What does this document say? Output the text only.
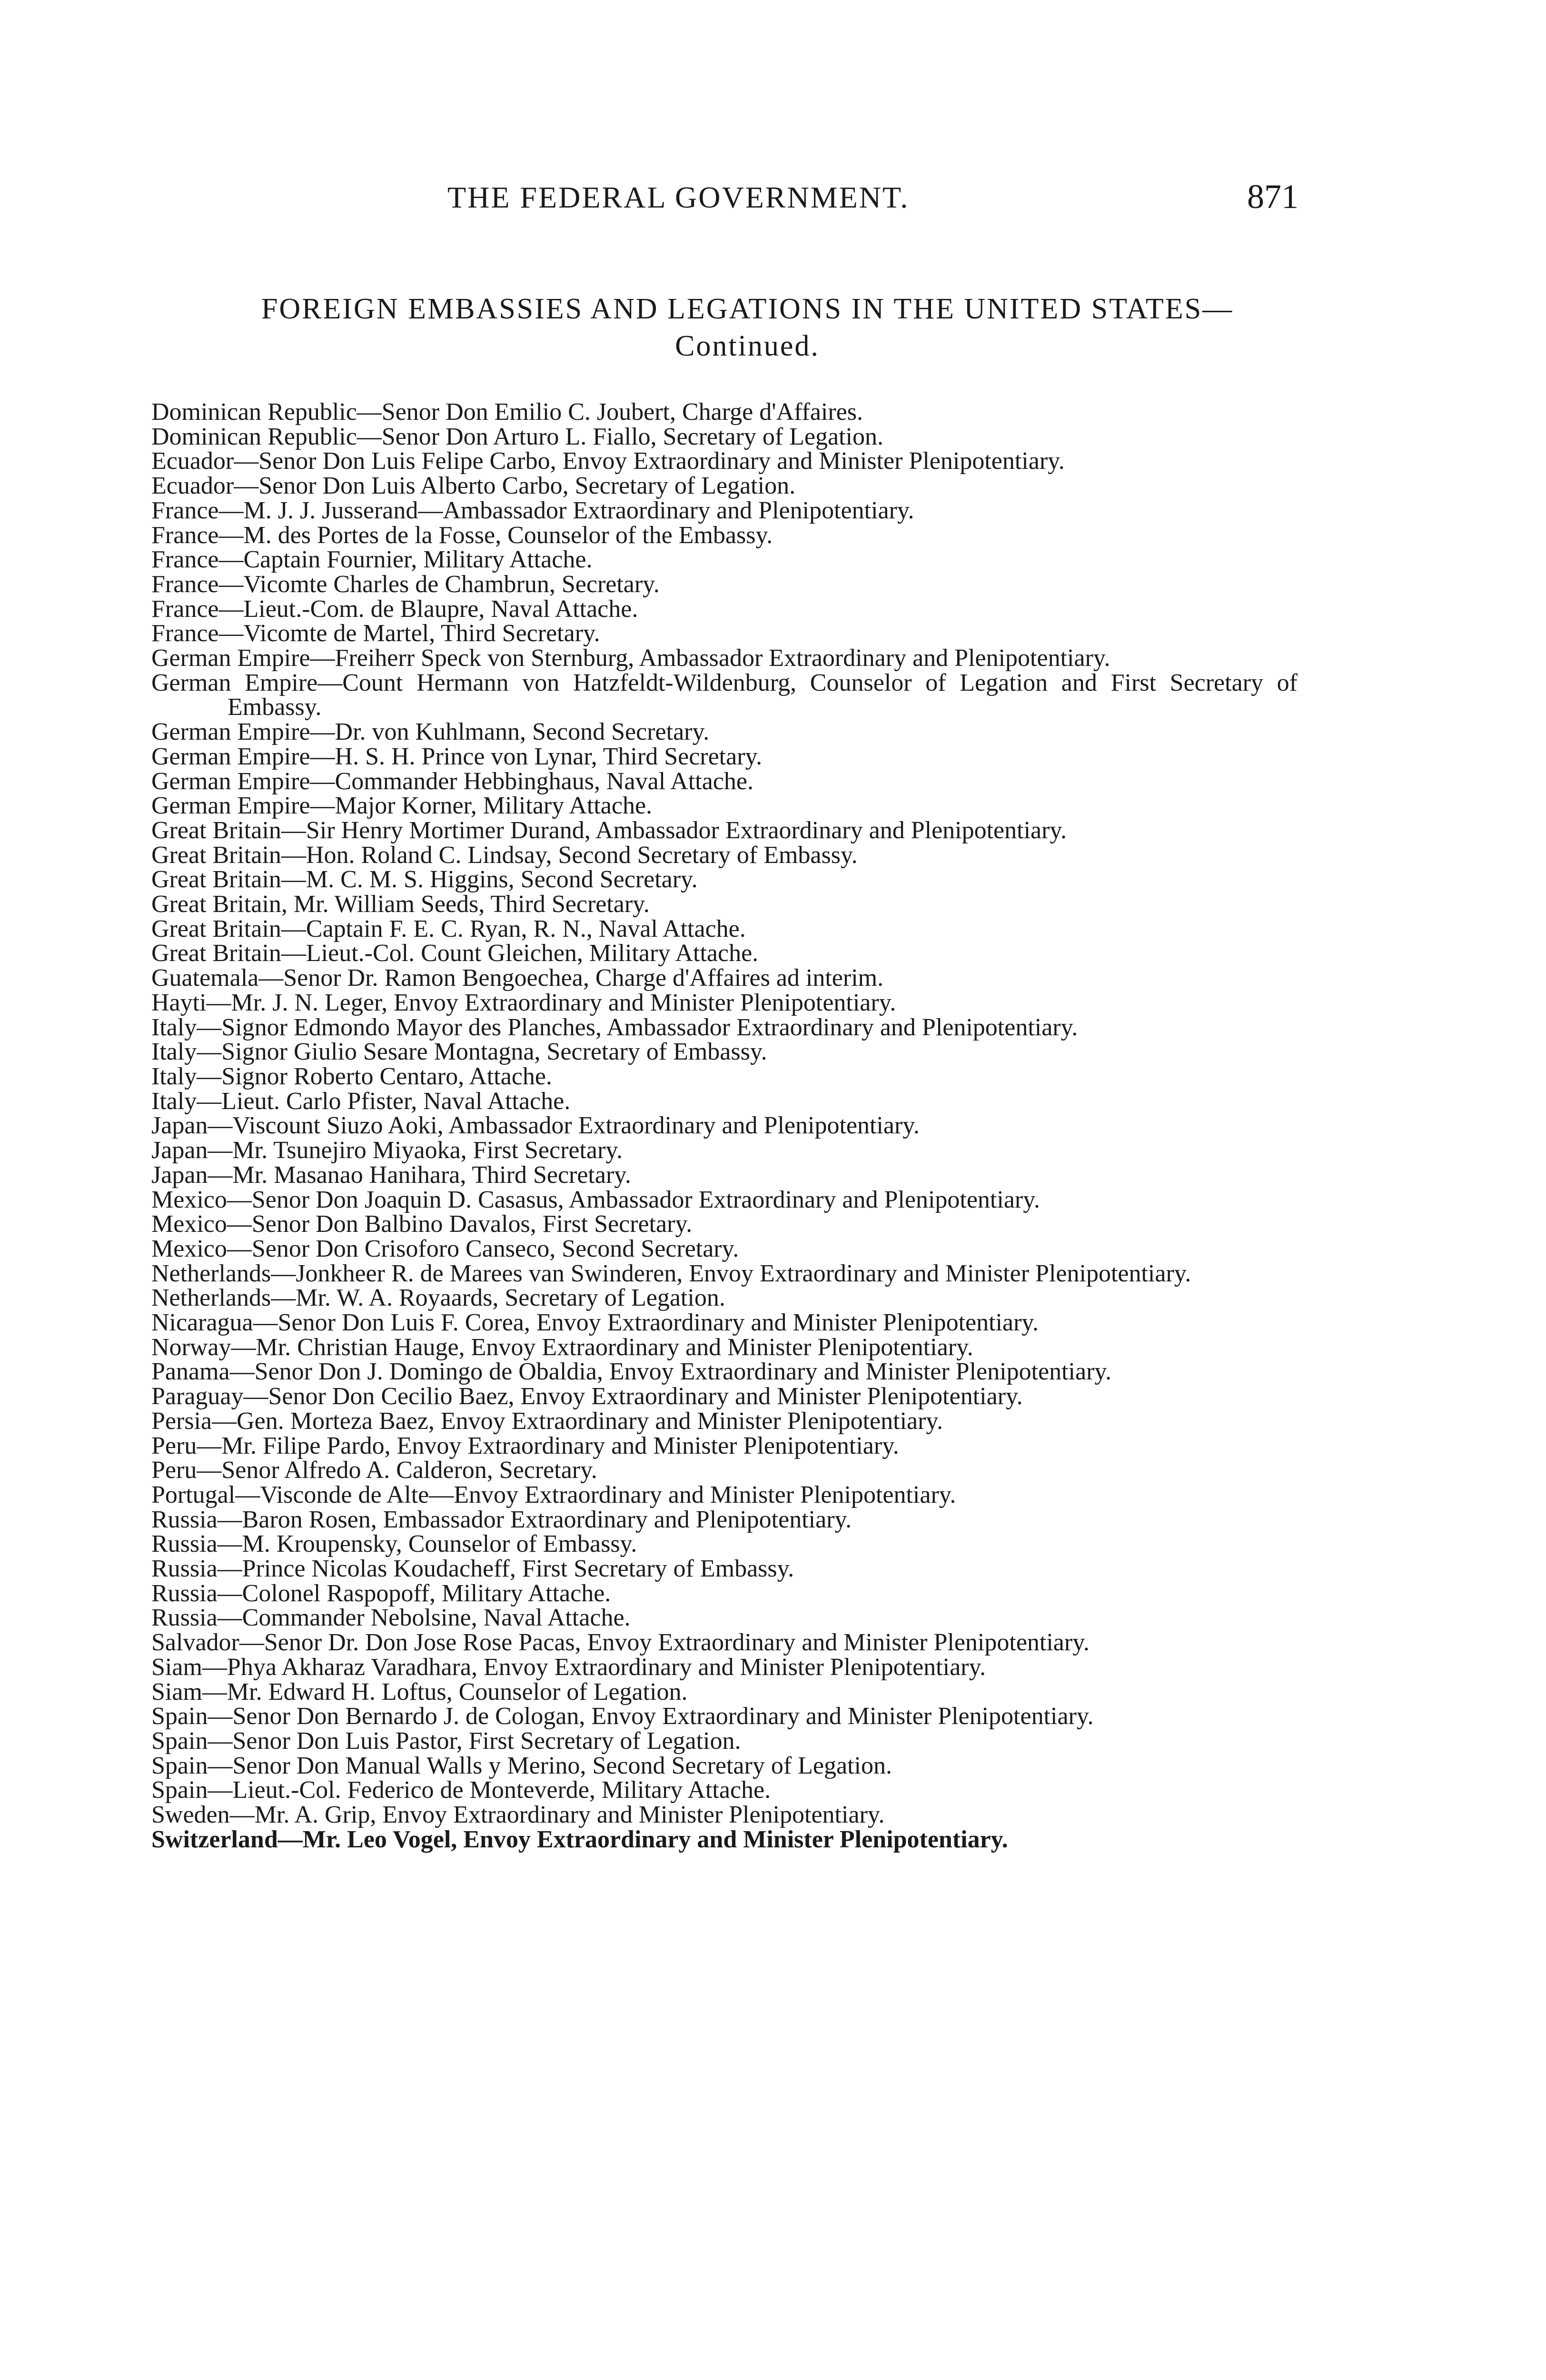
THE FEDERAL GOVERNMENT.	871
FOREIGN EMBASSIES AND LEGATIONS IN THE UNITED STATES—Continued.
Dominican Republic—Senor Don Emilio C. Joubert, Charge d'Affaires.
Dominican Republic—Senor Don Arturo L. Fiallo, Secretary of Legation.
Ecuador—Senor Don Luis Felipe Carbo, Envoy Extraordinary and Minister Plenipotentiary.
Ecuador—Senor Don Luis Alberto Carbo, Secretary of Legation.
France—M. J. J. Jusserand—Ambassador Extraordinary and Plenipotentiary.
France—M. des Portes de la Fosse, Counselor of the Embassy.
France—Captain Fournier, Military Attache.
France—Vicomte Charles de Chambrun, Secretary.
France—Lieut.-Com. de Blaupre, Naval Attache.
France—Vicomte de Martel, Third Secretary.
German Empire—Freiherr Speck von Sternburg, Ambassador Extraordinary and Plenipotentiary.
German Empire—Count Hermann von Hatzfeldt-Wildenburg, Counselor of Legation and First Secretary of Embassy.
German Empire—Dr. von Kuhlmann, Second Secretary.
German Empire—H. S. H. Prince von Lynar, Third Secretary.
German Empire—Commander Hebbinghaus, Naval Attache.
German Empire—Major Korner, Military Attache.
Great Britain—Sir Henry Mortimer Durand, Ambassador Extraordinary and Plenipotentiary.
Great Britain—Hon. Roland C. Lindsay, Second Secretary of Embassy.
Great Britain—M. C. M. S. Higgins, Second Secretary.
Great Britain, Mr. William Seeds, Third Secretary.
Great Britain—Captain F. E. C. Ryan, R. N., Naval Attache.
Great Britain—Lieut.-Col. Count Gleichen, Military Attache.
Guatemala—Senor Dr. Ramon Bengoechea, Charge d'Affaires ad interim.
Hayti—Mr. J. N. Leger, Envoy Extraordinary and Minister Plenipotentiary.
Italy—Signor Edmondo Mayor des Planches, Ambassador Extraordinary and Plenipotentiary.
Italy—Signor Giulio Sesare Montagna, Secretary of Embassy.
Italy—Signor Roberto Centaro, Attache.
Italy—Lieut. Carlo Pfister, Naval Attache.
Japan—Viscount Siuzo Aoki, Ambassador Extraordinary and Plenipotentiary.
Japan—Mr. Tsunejiro Miyaoka, First Secretary.
Japan—Mr. Masanao Hanihara, Third Secretary.
Mexico—Senor Don Joaquin D. Casasus, Ambassador Extraordinary and Plenipotentiary.
Mexico—Senor Don Balbino Davalos, First Secretary.
Mexico—Senor Don Crisoforo Canseco, Second Secretary.
Netherlands—Jonkheer R. de Marees van Swinderen, Envoy Extraordinary and Minister Plenipotentiary.
Netherlands—Mr. W. A. Royaards, Secretary of Legation.
Nicaragua—Senor Don Luis F. Corea, Envoy Extraordinary and Minister Plenipotentiary.
Norway—Mr. Christian Hauge, Envoy Extraordinary and Minister Plenipotentiary.
Panama—Senor Don J. Domingo de Obaldia, Envoy Extraordinary and Minister Plenipotentiary.
Paraguay—Senor Don Cecilio Baez, Envoy Extraordinary and Minister Plenipotentiary.
Persia—Gen. Morteza Baez, Envoy Extraordinary and Minister Plenipotentiary.
Peru—Mr. Filipe Pardo, Envoy Extraordinary and Minister Plenipotentiary.
Peru—Senor Alfredo A. Calderon, Secretary.
Portugal—Visconde de Alte—Envoy Extraordinary and Minister Plenipotentiary.
Russia—Baron Rosen, Embassador Extraordinary and Plenipotentiary.
Russia—M. Kroupensky, Counselor of Embassy.
Russia—Prince Nicolas Koudacheff, First Secretary of Embassy.
Russia—Colonel Raspopoff, Military Attache.
Russia—Commander Nebolsine, Naval Attache.
Salvador—Senor Dr. Don Jose Rose Pacas, Envoy Extraordinary and Minister Plenipotentiary.
Siam—Phya Akharaz Varadhara, Envoy Extraordinary and Minister Plenipotentiary.
Siam—Mr. Edward H. Loftus, Counselor of Legation.
Spain—Senor Don Bernardo J. de Cologan, Envoy Extraordinary and Minister Plenipotentiary.
Spain—Senor Don Luis Pastor, First Secretary of Legation.
Spain—Senor Don Manual Walls y Merino, Second Secretary of Legation.
Spain—Lieut.-Col. Federico de Monteverde, Military Attache.
Sweden—Mr. A. Grip, Envoy Extraordinary and Minister Plenipotentiary.
Switzerland—Mr. Leo Vogel, Envoy Extraordinary and Minister Plenipotentiary.
